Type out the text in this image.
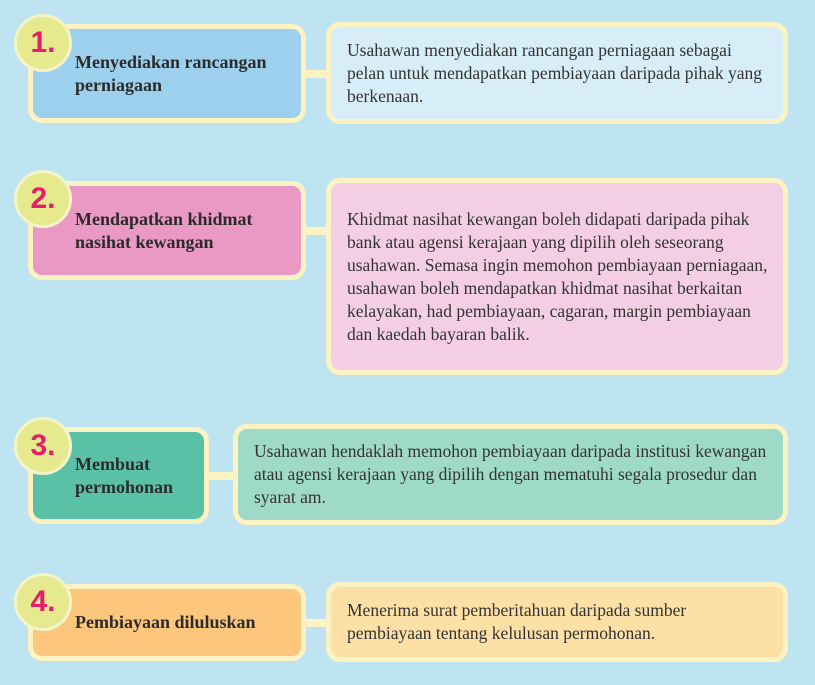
Menyediakan rancangan perniagaan
Usahawan menyediakan rancangan perniagaan sebagai pelan untuk mendapatkan pembiayaan daripada pihak yang berkenaan.
1.
Mendapatkan khidmat nasihat kewangan
Khidmat nasihat kewangan boleh didapati daripada pihak bank atau agensi kerajaan yang dipilih oleh seseorang usahawan. Semasa ingin memohon pembiayaan perniagaan, usahawan boleh mendapatkan khidmat nasihat berkaitan kelayakan, had pembiayaan, cagaran, margin pembiayaan dan kaedah bayaran balik.
2.
Membuat permohonan
Usahawan hendaklah memohon pembiayaan daripada institusi kewangan atau agensi kerajaan yang dipilih dengan mematuhi segala prosedur dan syarat am.
3.
Pembiayaan diluluskan
Menerima surat pemberitahuan daripada sumber pembiayaan tentang kelulusan permohonan.
4.
